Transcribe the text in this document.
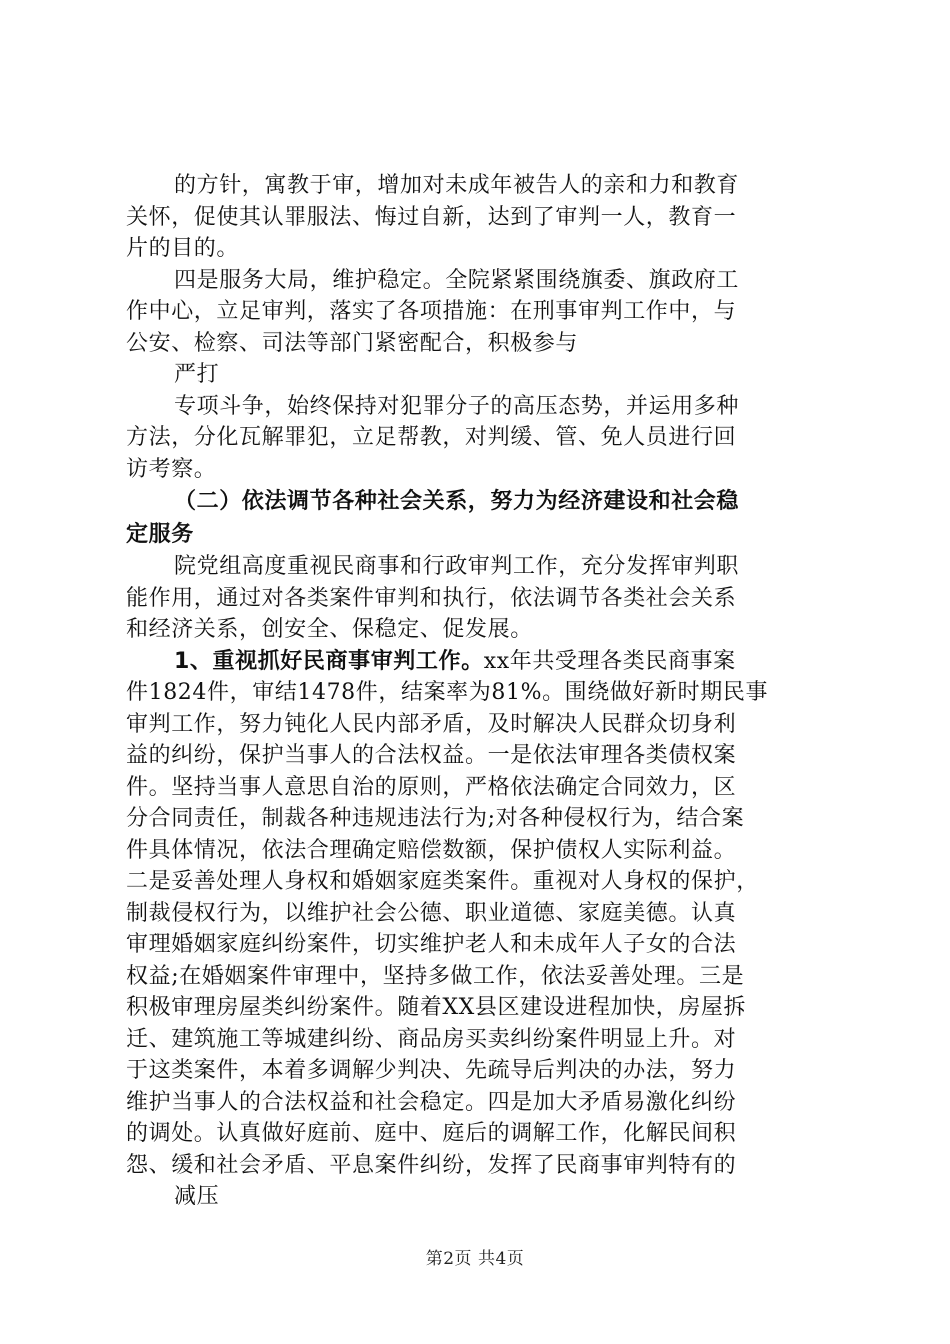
的方针，寓教于审，增加对未成年被告人的亲和力和教育
关怀，促使其认罪服法、悔过自新，达到了审判一人，教育一
片的目的。
四是服务大局，维护稳定。全院紧紧围绕旗委、旗政府工
作中心，立足审判，落实了各项措施：在刑事审判工作中，与
公安、检察、司法等部门紧密配合，积极参与
严打
专项斗争，始终保持对犯罪分子的高压态势，并运用多种
方法，分化瓦解罪犯，立足帮教，对判缓、管、免人员进行回
访考察。
（二）依法调节各种社会关系，努力为经济建设和社会稳
定服务
院党组高度重视民商事和行政审判工作，充分发挥审判职
能作用，通过对各类案件审判和执行，依法调节各类社会关系
和经济关系，创安全、保稳定、促发展。
1、重视抓好民商事审判工作。xx年共受理各类民商事案
件1824件，审结1478件，结案率为81%。围绕做好新时期民事
审判工作，努力钝化人民内部矛盾，及时解决人民群众切身利
益的纠纷，保护当事人的合法权益。一是依法审理各类债权案
件。坚持当事人意思自治的原则，严格依法确定合同效力，区
分合同责任，制裁各种违规违法行为;对各种侵权行为，结合案
件具体情况，依法合理确定赔偿数额，保护债权人实际利益。
二是妥善处理人身权和婚姻家庭类案件。重视对人身权的保护，
制裁侵权行为，以维护社会公德、职业道德、家庭美德。认真
审理婚姻家庭纠纷案件，切实维护老人和未成年人子女的合法
权益;在婚姻案件审理中，坚持多做工作，依法妥善处理。三是
积极审理房屋类纠纷案件。随着XX县区建设进程加快，房屋拆
迁、建筑施工等城建纠纷、商品房买卖纠纷案件明显上升。对
于这类案件，本着多调解少判决、先疏导后判决的办法，努力
维护当事人的合法权益和社会稳定。四是加大矛盾易激化纠纷
的调处。认真做好庭前、庭中、庭后的调解工作，化解民间积
怨、缓和社会矛盾、平息案件纠纷，发挥了民商事审判特有的
减压
第2页 共4页
